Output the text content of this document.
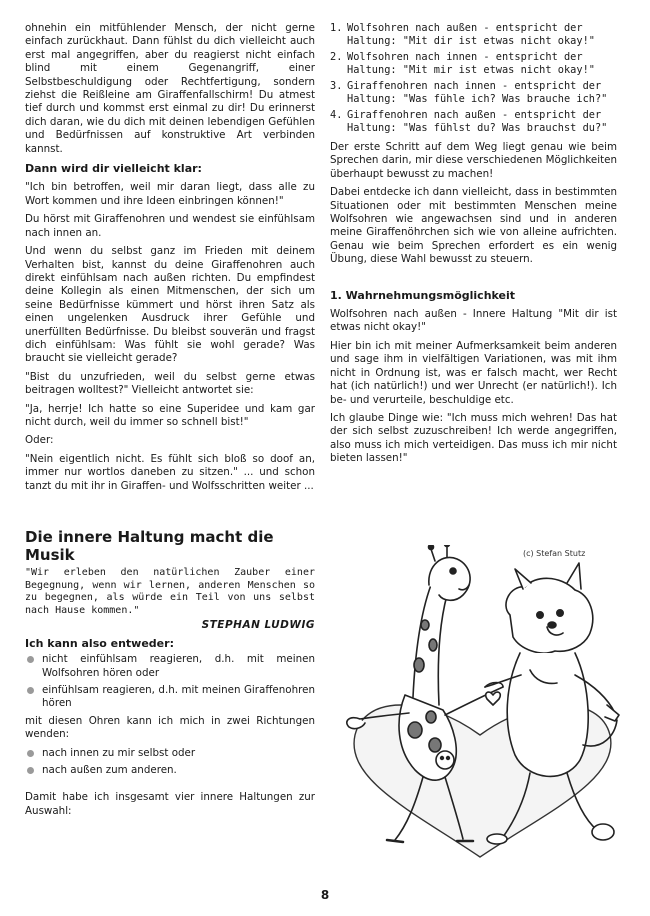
ohnehin ein mitfühlender Mensch, der nicht gerne einfach zurückhaut. Dann fühlst du dich vielleicht auch erst mal angegriffen, aber du reagierst nicht einfach blind mit einem Gegenangriff, einer Selbstbeschuldigung oder Rechtfertigung, sondern ziehst die Reißleine am Giraffenfallschirm! Du atmest tief durch und kommst erst einmal zu dir! Du erinnerst dich daran, wie du dich mit deinen lebendigen Gefühlen und Bedürfnissen auf konstruktive Art verbinden kannst.

Dann wird dir vielleicht klar:

"Ich bin betroffen, weil mir daran liegt, dass alle zu Wort kommen und ihre Ideen einbringen können!"

Du hörst mit Giraffenohren und wendest sie einfühlsam nach innen an.

Und wenn du selbst ganz im Frieden mit deinem Verhalten bist, kannst du deine Giraffenohren auch direkt einfühlsam nach außen richten. Du empfindest deine Kollegin als einen Mitmenschen, der sich um seine Bedürfnisse kümmert und hörst ihren Satz als einen ungelenken Ausdruck ihrer Gefühle und unerfüllten Bedürfnisse. Du bleibst souverän und fragst dich einfühlsam: Was fühlt sie wohl gerade? Was braucht sie vielleicht gerade?

"Bist du unzufrieden, weil du selbst gerne etwas beitragen wolltest?" Vielleicht antwortet sie:

"Ja, herrje! Ich hatte so eine Superidee und kam gar nicht durch, weil du immer so schnell bist!"

Oder:

"Nein eigentlich nicht. Es fühlt sich bloß so doof an, immer nur wortlos daneben zu sitzen." ... und schon tanzt du mit ihr in Giraffen- und Wolfsschritten weiter ...

Die innere Haltung macht die Musik

"Wir erleben den natürlichen Zauber einer Begegnung, wenn wir lernen, anderen Menschen so zu begegnen, als würde ein Teil von uns selbst nach Hause kommen."

STEPHAN LUDWIG
Ich kann also entweder:
nicht einfühlsam reagieren, d.h. mit meinen Wolfsohren hören oder
einfühlsam reagieren, d.h. mit meinen Giraffenohren hören

mit diesen Ohren kann ich mich in zwei Richtungen wenden:

nach innen zu mir selbst oder
nach außen zum anderen.

Damit habe ich insgesamt vier innere Haltungen zur Auswahl:

1. Wolfsohren nach außen - entspricht der Haltung: "Mit dir ist etwas nicht okay!"
2. Wolfsohren nach innen - entspricht der Haltung: "Mit mir ist etwas nicht okay!"
3. Giraffenohren nach innen - entspricht der Haltung: "Was fühle ich? Was brauche ich?"
4. Giraffenohren nach außen - entspricht der Haltung: "Was fühlst du? Was brauchst du?"

Der erste Schritt auf dem Weg liegt genau wie beim Sprechen darin, mir diese verschiedenen Möglichkeiten überhaupt bewusst zu machen!

Dabei entdecke ich dann vielleicht, dass in bestimmten Situationen oder mit bestimmten Menschen meine Wolfsohren wie angewachsen sind und in anderen meine Giraffenöhrchen sich wie von alleine aufrichten. Genau wie beim Sprechen erfordert es ein wenig Übung, diese Wahl bewusst zu steuern.

1. Wahrnehmungsmöglichkeit

Wolfsohren nach außen - Innere Haltung "Mit dir ist etwas nicht okay!"

Hier bin ich mit meiner Aufmerksamkeit beim anderen und sage ihm in vielfältigen Variationen, was mit ihm nicht in Ordnung ist, was er falsch macht, wer Recht hat (ich natürlich!) und wer Unrecht (er natürlich!). Ich be- und verurteile, beschuldige etc.

Ich glaube Dinge wie: "Ich muss mich wehren! Das hat der sich selbst zuzuschreiben! Ich werde angegriffen, also muss ich mich verteidigen. Das muss ich mir nicht bieten lassen!"

(c) Stefan Stutz
8
